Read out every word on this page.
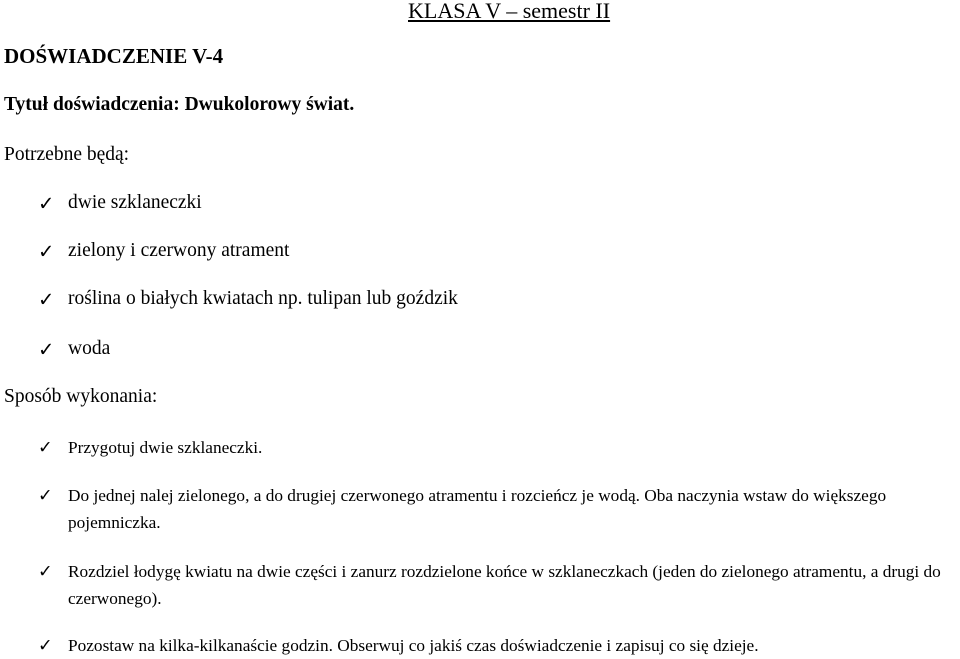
KLASA V – semestr II
DOŚWIADCZENIE V-4
Tytuł doświadczenia: Dwukolorowy świat.
Potrzebne będą:
✓ dwie szklaneczki
✓ zielony i czerwony atrament
✓ roślina o białych kwiatach np. tulipan lub goździk
✓ woda
Sposób wykonania:
✓ Przygotuj dwie szklaneczki.
✓ Do jednej nalej zielonego, a do drugiej czerwonego atramentu i rozcieńcz je wodą. Oba naczynia wstaw do większego pojemniczka.
✓ Rozdziel łodygę kwiatu na dwie części i zanurz rozdzielone końce w szklaneczkach (jeden do zielonego atramentu, a drugi do czerwonego).
✓ Pozostaw na kilka-kilkanaście godzin. Obserwuj co jakiś czas doświadczenie i zapisuj co się dzieje.
